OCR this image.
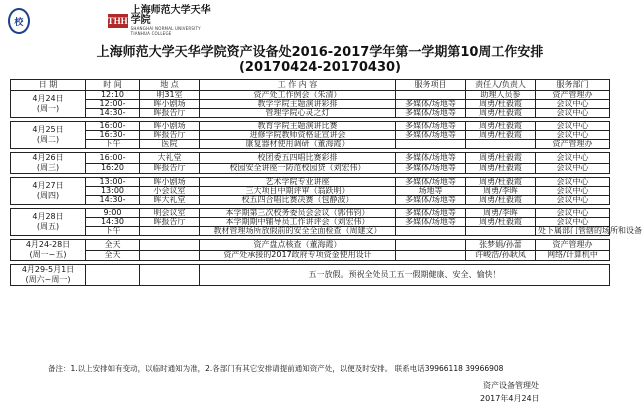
校	THH
上海师范大学天华学院
SHANGHAI NORMAL UNIVERSITY TIANHUA COLLEGE
上海师范大学天华学院资产设备处2016-2017学年第一学期第10周工作安排
(20170424-20170430)
日 期	时 间	地 点	工 作 内 容	服务项目	责任人/负责人	服务部门
4月24日
(周一)	12:10	明31室	资产处工作例会（朱清）		助理人员参	资产管理办
	12:00-	晖小剧场	教学学院主题演讲彩排	多媒体/场地等	周勇/杜毅霞	会议中心
	14:30-	晖报告厅	管理学院心灵之灯	多媒体/场地等	周勇/杜毅霞	会议中心

4月25日
(周二)	16:00-	晖小剧场	教育学院主题演讲比赛	多媒体/场地等	周勇/杜毅霞	会议中心
	16:30-	晖报告厅	进修学院教师资格证宣讲会	多媒体/场地等	周勇/杜毅霞	会议中心
	下午	医院	康复器材使用调研（董海霞）			资产管理办

4月26日
(周三)	16:00-	大礼堂	校团委五四唱比赛彩排	多媒体/场地等	周勇/杜毅霞	会议中心
	16:20	晖报告厅	校园安全讲座一防范校园贷（刘宏伟）	多媒体/场地等	周勇/杜毅霞	会议中心

4月27日
(周四)	13:00-	晖小剧场	艺术学院专业讲座	多媒体/场地等	周勇/杜毅霞	会议中心
	13:00	小会议室	三大项目中期评审（翁跃明）	场地等	周勇/李晖	会议中心
	14:30-	晖大礼堂	校五四合唱比赛决赛（包静波）	多媒体/场地等	周勇/杜毅霞	会议中心

4月28日
(周五)	9:00	明会议室	本学期第三次校务委员会会议（郭伟钧）	多媒体/场地等	周勇/李晖	会议中心
	14:30	晖报告厅	本学期期中辅导员工作讲评会（刘宏伟）	多媒体/场地等	周勇/杜毅霞	会议中心
	下午		教材管理场所放假前的安全全面检查（周建文）			处下属部门管辖的场所和设备

4月24-28日
(周一~五)	全天		资产盘点核查（董海霞）		张梦娟/孙蕾	资产管理办
	全天		资产处承接的2017政府专项资金使用设计		许峻浩/孙耿凤	网络/计算机中

4月29-5月1日
(周六~周一)			五一放假。预祝全处员工五一假期健康、安全、愉快！			
备注：1.以上安排如有变动，以临时通知为准，2.各部门有其它安排请提前通知资产处，以便及时安排。 联系电话39966118 39966908
资产设备管理处
2017年4月24日
